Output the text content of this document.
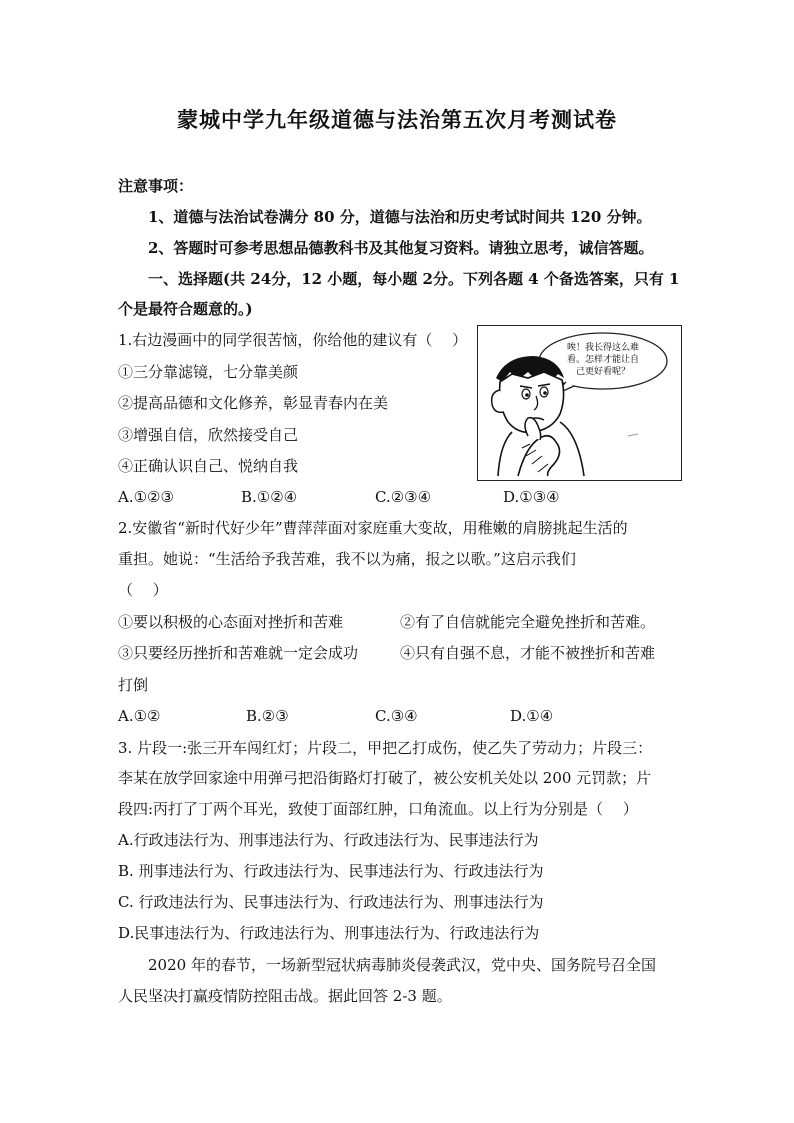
蒙城中学九年级道德与法治第五次月考测试卷
注意事项：
1、道德与法治试卷满分 80 分，道德与法治和历史考试时间共 120 分钟。
2、答题时可参考思想品德教科书及其他复习资料。请独立思考，诚信答题。
一、选择题(共 24分，12 小题，每小题 2分。下列各题 4 个备选答案，只有 1
个是最符合题意的。)
1.右边漫画中的同学很苦恼，你给他的建议有（　 ）
①三分靠滤镜，七分靠美颜
②提高品德和文化修养，彰显青春内在美
③增强自信，欣然接受自己
④正确认识自己、悦纳自我
唉！我长得这么难
看。怎样才能让自
己更好看呢？
A.①②③	B.①②④	C.②③④	D.①③④
2.安徽省“新时代好少年”曹萍萍面对家庭重大变故，用稚嫩的肩膀挑起生活的
重担。她说：“生活给予我苦难，我不以为痛，报之以歌。”这启示我们
（　 ）
①要以积极的心态面对挫折和苦难	②有了自信就能完全避免挫折和苦难。
③只要经历挫折和苦难就一定会成功	④只有自强不息，才能不被挫折和苦难
打倒
A.①②	B.②③	C.③④	D.①④
3. 片段一:张三开车闯红灯；片段二，甲把乙打成伤，使乙失了劳动力；片段三：
李某在放学回家途中用弹弓把沿街路灯打破了，被公安机关处以 200 元罚款；片
段四:丙打了丁两个耳光，致使丁面部红肿，口角流血。以上行为分别是（　 ）
A.行政违法行为、刑事违法行为、行政违法行为、民事违法行为
B. 刑事违法行为、行政违法行为、民事违法行为、行政违法行为
C. 行政违法行为、民事违法行为、行政违法行为、刑事违法行为
D.民事违法行为、行政违法行为、刑事违法行为、行政违法行为
2020 年的春节，一场新型冠状病毒肺炎侵袭武汉，党中央、国务院号召全国
人民坚决打赢疫情防控阻击战。据此回答 2-3 题。
